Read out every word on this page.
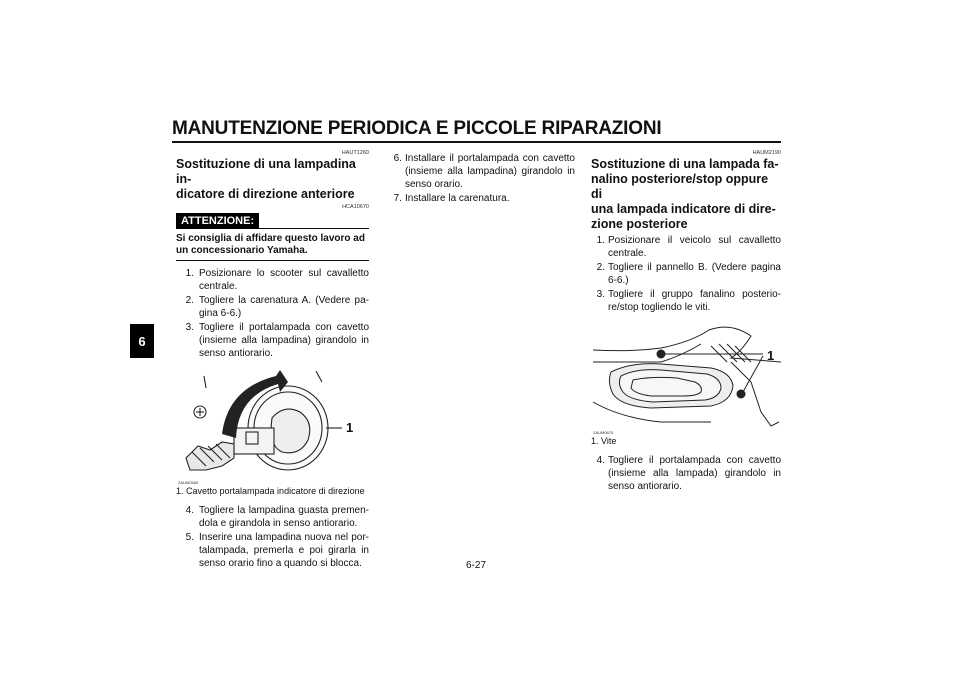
MANUTENZIONE PERIODICA E PICCOLE RIPARAZIONI
6
HAUT1260
Sostituzione di una lampadina in-
dicatore di direzione anteriore
HCA10670
ATTENZIONE:
Si consiglia di affidare questo lavoro ad un concessionario Yamaha.
1. Posizionare lo scooter sul cavalletto centrale.
2. Togliere la carenatura A. (Vedere pa-gina 6-6.)
3. Togliere il portalampada con cavetto (insieme alla lampadina) girandolo in senso antiorario.
1
ZAUM0465
1. Cavetto portalampada indicatore di direzione
4. Togliere la lampadina guasta premen-dola e girandola in senso antiorario.
5. Inserire una lampadina nuova nel por-talampada, premerla e poi girarla in senso orario fino a quando si blocca.
6. Installare il portalampada con cavetto (insieme alla lampadina) girandolo in senso orario.
7. Installare la carenatura.
HAUM2190
Sostituzione di una lampada fa-
nalino posteriore/stop oppure di
una lampada indicatore di dire-
zione posteriore
1. Posizionare il veicolo sul cavalletto centrale.
2. Togliere il pannello B. (Vedere pagina 6-6.)
3. Togliere il gruppo fanalino posterio-re/stop togliendo le viti.
1
ZAUM0670
1. Vite
4. Togliere il portalampada con cavetto (insieme alla lampada) girandolo in senso antiorario.
6-27
